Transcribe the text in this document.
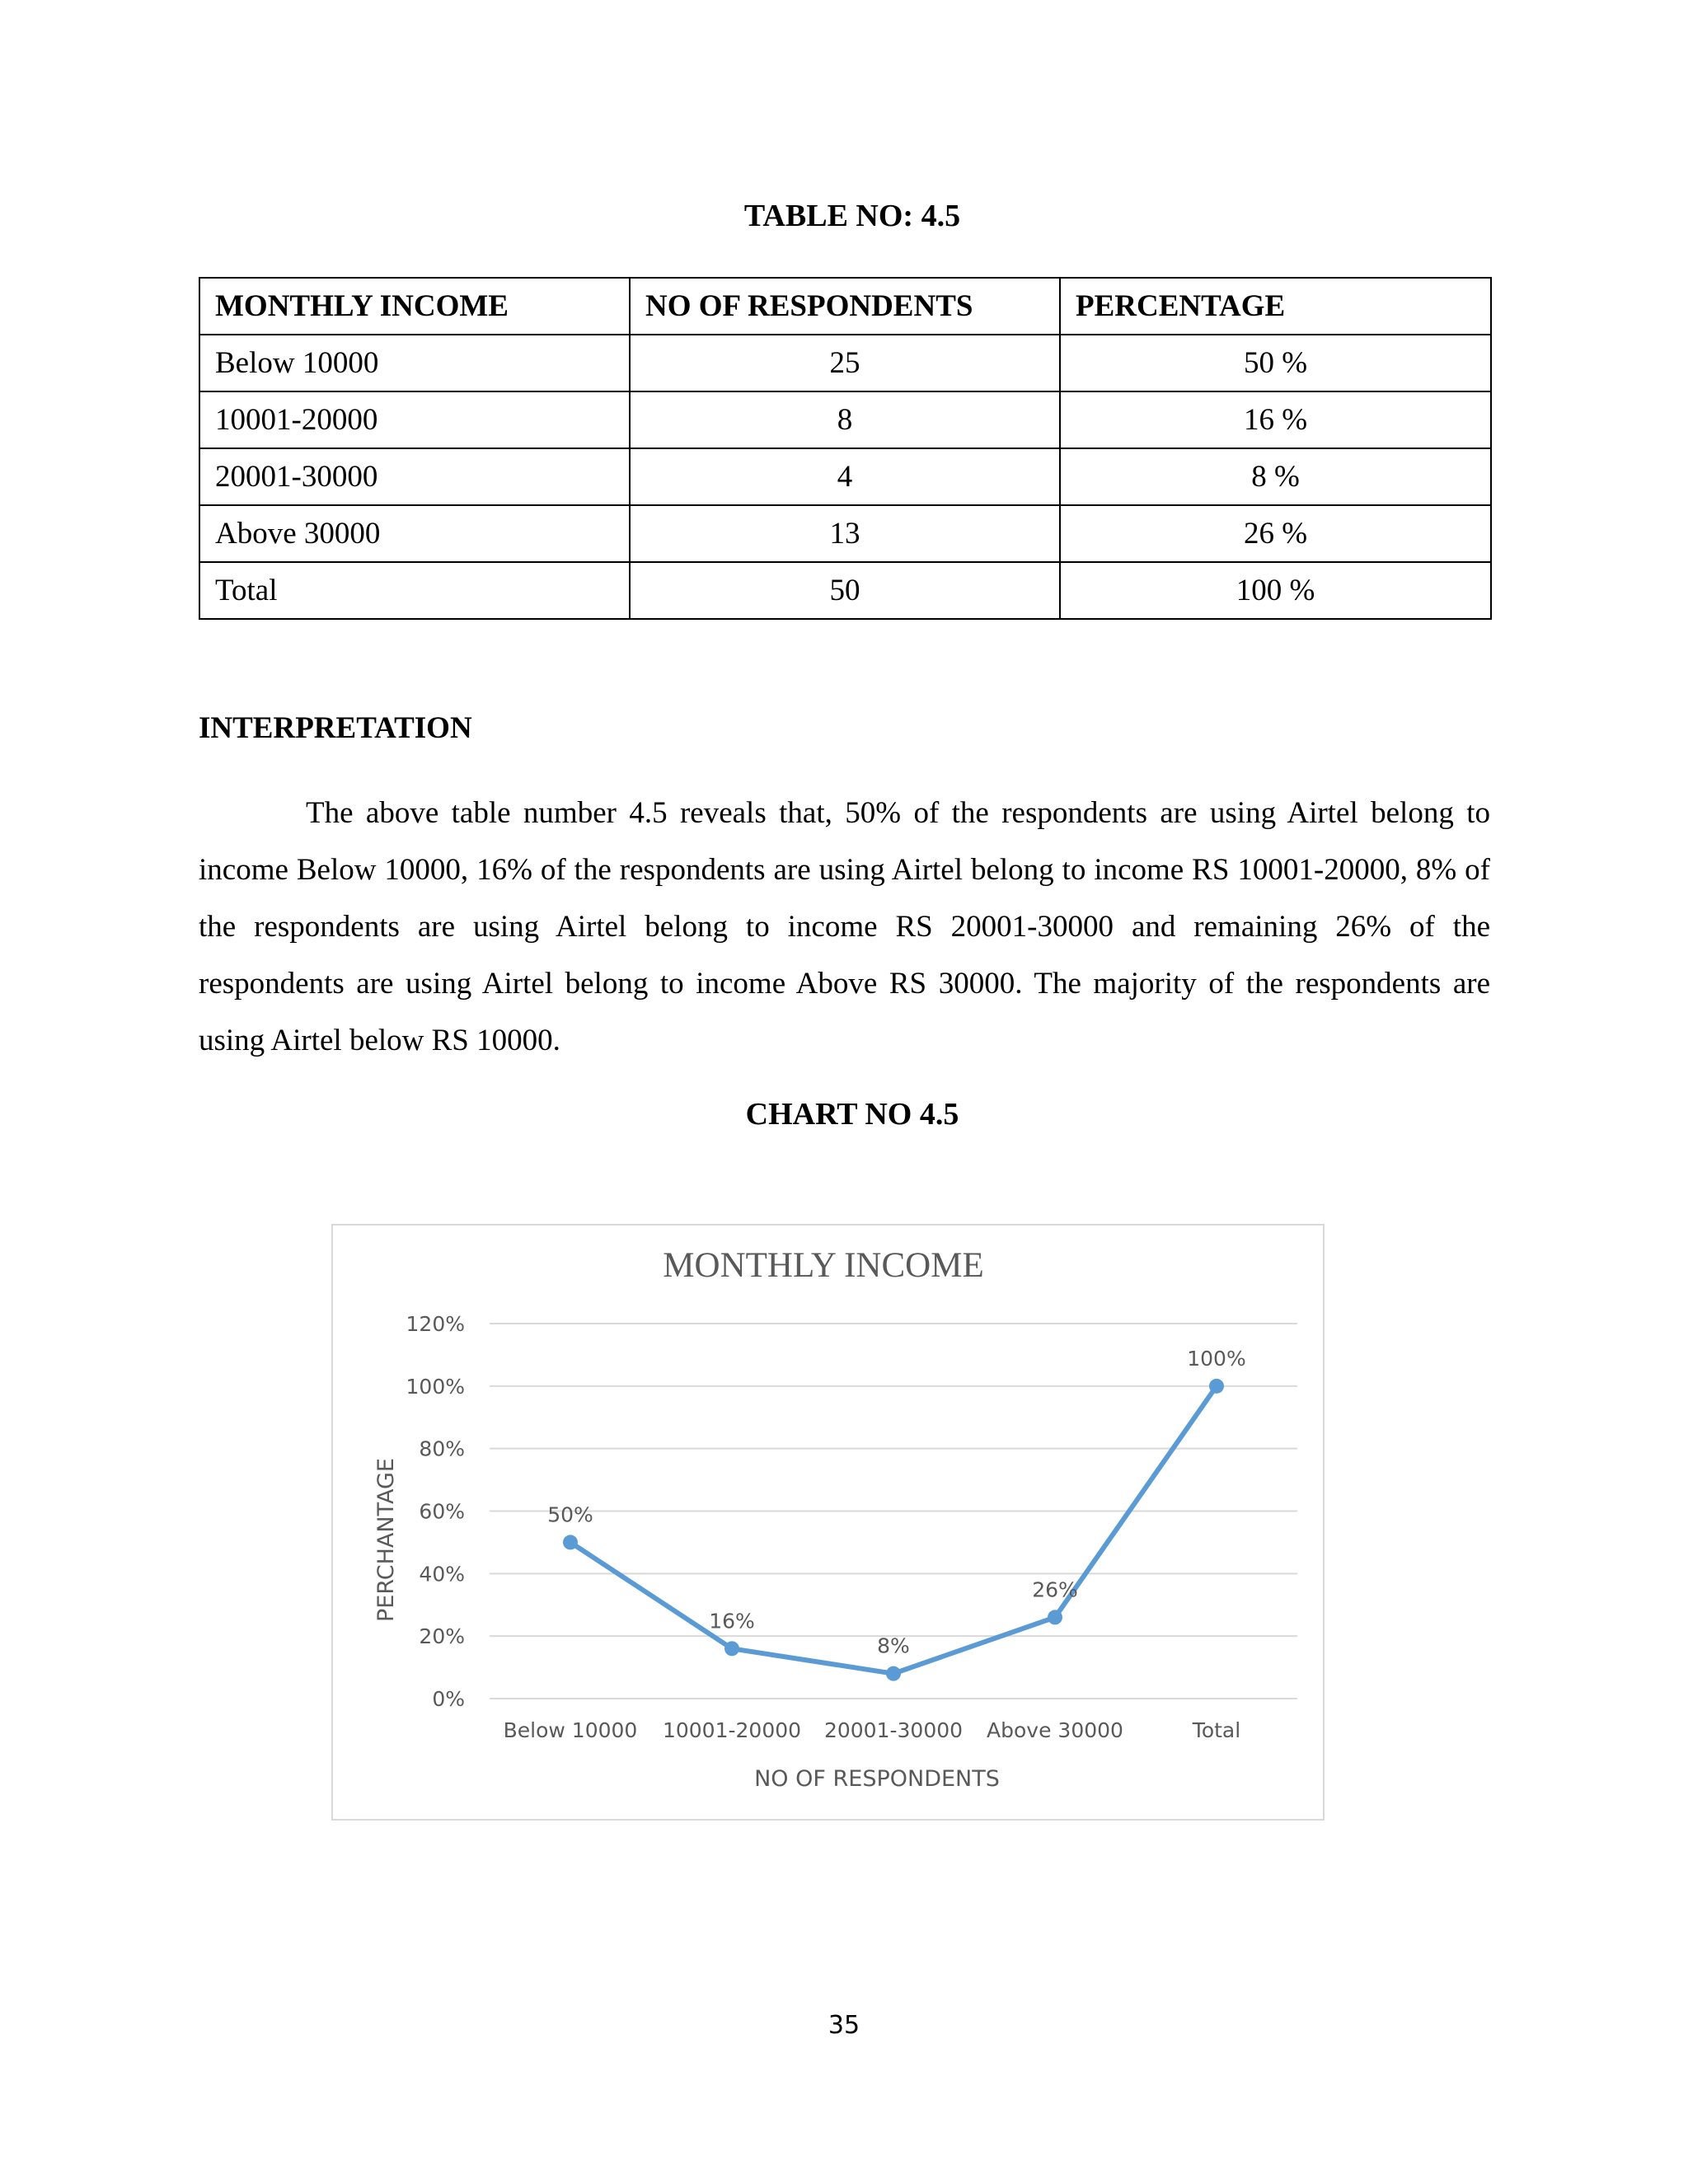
TABLE NO: 4.5
MONTHLY INCOME	NO OF RESPONDENTS	PERCENTAGE
Below 10000	25	50 %
10001-20000	8	16 %
20001-30000	4	8 %
Above 30000	13	26 %
Total	50	100 %
INTERPRETATION

The above table number 4.5 reveals that, 50% of the respondents are using Airtel belong to income Below 10000, 16% of the respondents are using Airtel belong to income RS 10001-20000, 8% of the respondents are using Airtel belong to income RS 20001-30000 and remaining 26% of the respondents are using Airtel belong to income Above RS 30000. The majority of the respondents are using Airtel below RS 10000.

CHART NO 4.5
MONTHLY INCOME
0%
20%
40%
60%
80%
100%
120%
Below 10000 10001-20000 20001-30000 Above 30000	Total
NO OF RESPONDENTS
PERCHANTAGE	50%
16%
8%
26%
100%

35
